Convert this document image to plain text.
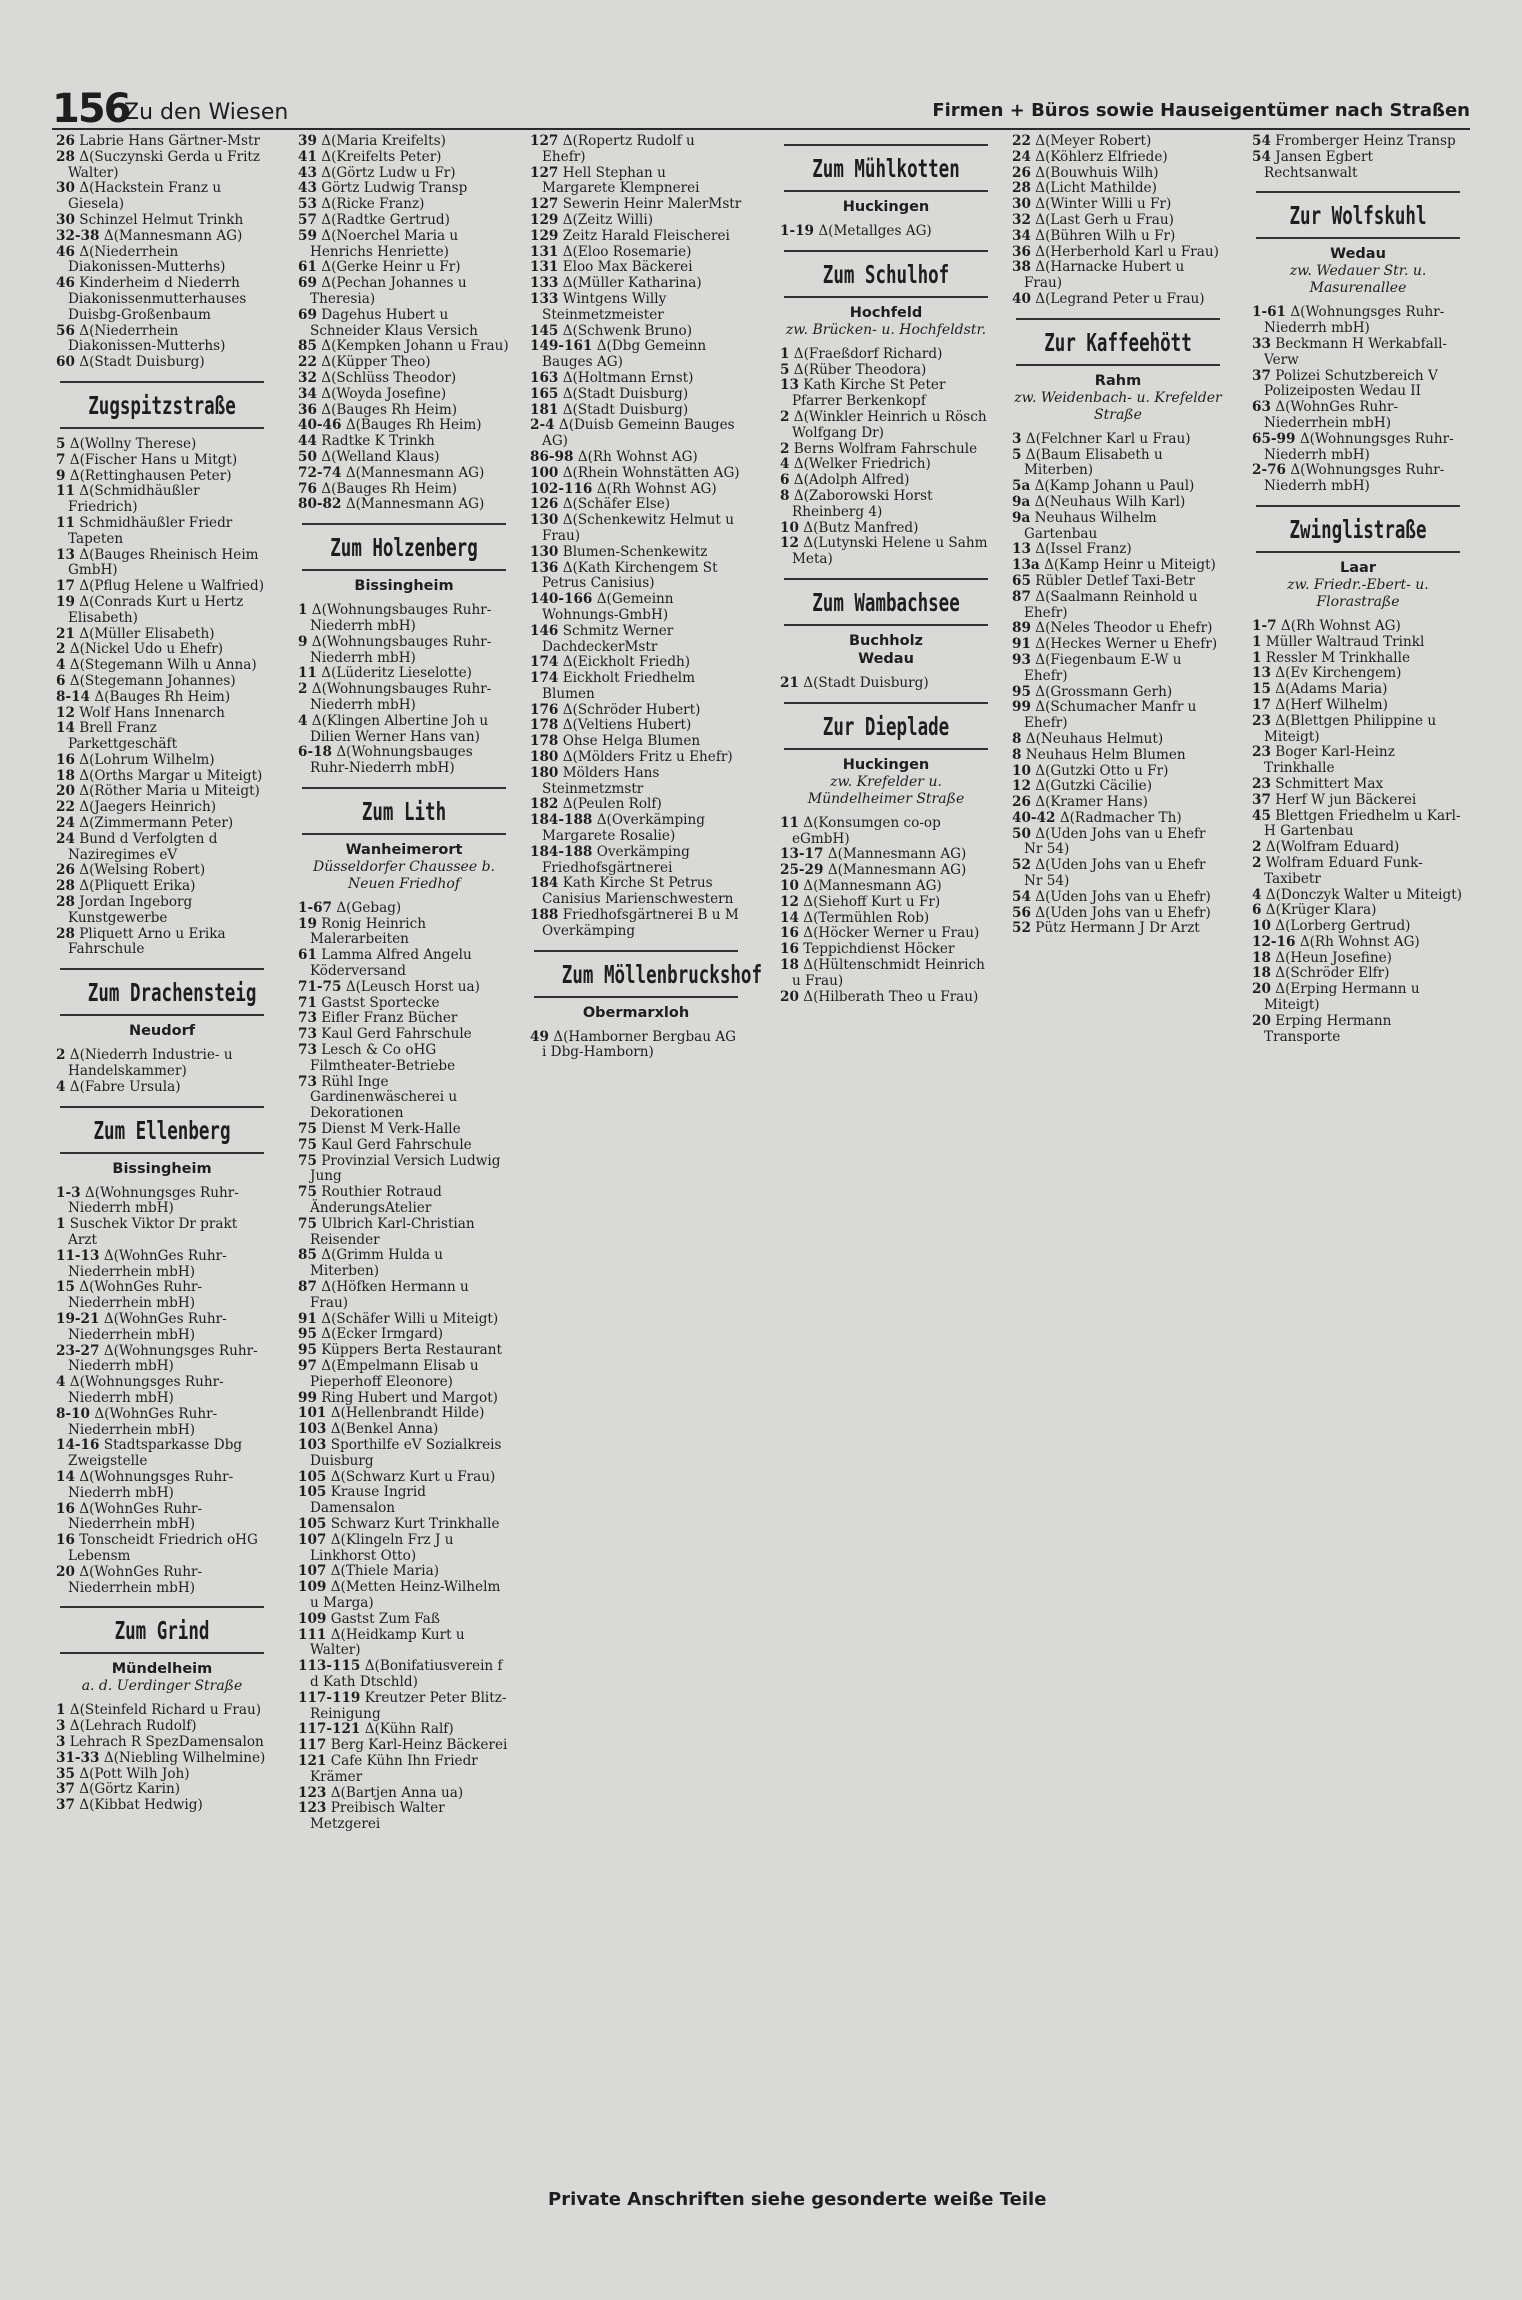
156
Zu den Wiesen	Firmen + Büros sowie Hauseigentümer nach Straßen
26 Labrie Hans Gärtner-Mstr
28 Δ(Suczynski Gerda u Fritz Walter)
30 Δ(Hackstein Franz u Giesela)
30 Schinzel Helmut Trinkh
32-38 Δ(Mannesmann AG)
46 Δ(Niederrhein Diakonissen-Mutterhs)
46 Kinderheim d Niederrh Diakonissenmutterhauses Duisbg-Großenbaum
56 Δ(Niederrhein Diakonissen-Mutterhs)
60 Δ(Stadt Duisburg)
Zugspitzstraße
5 Δ(Wollny Therese)
7 Δ(Fischer Hans u Mitgt)
9 Δ(Rettinghausen Peter)
11 Δ(Schmidhäußler Friedrich)
11 Schmidhäußler Friedr Tapeten
13 Δ(Bauges Rheinisch Heim GmbH)
17 Δ(Pflug Helene u Walfried)
19 Δ(Conrads Kurt u Hertz Elisabeth)
21 Δ(Müller Elisabeth)
2 Δ(Nickel Udo u Ehefr)
4 Δ(Stegemann Wilh u Anna)
6 Δ(Stegemann Johannes)
8-14 Δ(Bauges Rh Heim)
12 Wolf Hans Innenarch
14 Brell Franz Parkettgeschäft
16 Δ(Lohrum Wilhelm)
18 Δ(Orths Margar u Miteigt)
20 Δ(Röther Maria u Miteigt)
22 Δ(Jaegers Heinrich)
24 Δ(Zimmermann Peter)
24 Bund d Verfolgten d Naziregimes eV
26 Δ(Welsing Robert)
28 Δ(Pliquett Erika)
28 Jordan Ingeborg Kunstgewerbe
28 Pliquett Arno u Erika Fahrschule
Zum Drachensteig
Neudorf
2 Δ(Niederrh Industrie- u Handelskammer)
4 Δ(Fabre Ursula)
Zum Ellenberg
Bissingheim
1-3 Δ(Wohnungsges Ruhr-Niederrh mbH)
1 Suschek Viktor Dr prakt Arzt
11-13 Δ(WohnGes Ruhr-Niederrhein mbH)
15 Δ(WohnGes Ruhr-Niederrhein mbH)
19-21 Δ(WohnGes Ruhr-Niederrhein mbH)
23-27 Δ(Wohnungsges Ruhr-Niederrh mbH)
4 Δ(Wohnungsges Ruhr-Niederrh mbH)
8-10 Δ(WohnGes Ruhr-Niederrhein mbH)
14-16 Stadtsparkasse Dbg Zweigstelle
14 Δ(Wohnungsges Ruhr-Niederrh mbH)
16 Δ(WohnGes Ruhr-Niederrhein mbH)
16 Tonscheidt Friedrich oHG Lebensm
20 Δ(WohnGes Ruhr-Niederrhein mbH)
Zum Grind
Mündelheim
a. d. Uerdinger Straße
1 Δ(Steinfeld Richard u Frau)
3 Δ(Lehrach Rudolf)
3 Lehrach R SpezDamensalon
31-33 Δ(Niebling Wilhelmine)
35 Δ(Pott Wilh Joh)
37 Δ(Görtz Karin)
37 Δ(Kibbat Hedwig)
39 Δ(Maria Kreifelts)
41 Δ(Kreifelts Peter)
43 Δ(Görtz Ludw u Fr)
43 Görtz Ludwig Transp
53 Δ(Ricke Franz)
57 Δ(Radtke Gertrud)
59 Δ(Noerchel Maria u Henrichs Henriette)
61 Δ(Gerke Heinr u Fr)
69 Δ(Pechan Johannes u Theresia)
69 Dagehus Hubert u Schneider Klaus Versich
85 Δ(Kempken Johann u Frau)
22 Δ(Küpper Theo)
32 Δ(Schlüss Theodor)
34 Δ(Woyda Josefine)
36 Δ(Bauges Rh Heim)
40-46 Δ(Bauges Rh Heim)
44 Radtke K Trinkh
50 Δ(Welland Klaus)
72-74 Δ(Mannesmann AG)
76 Δ(Bauges Rh Heim)
80-82 Δ(Mannesmann AG)
Zum Holzenberg
Bissingheim
1 Δ(Wohnungsbauges Ruhr-Niederrh mbH)
9 Δ(Wohnungsbauges Ruhr-Niederrh mbH)
11 Δ(Lüderitz Lieselotte)
2 Δ(Wohnungsbauges Ruhr-Niederrh mbH)
4 Δ(Klingen Albertine Joh u Dilien Werner Hans van)
6-18 Δ(Wohnungsbauges Ruhr-Niederrh mbH)
Zum Lith
Wanheimerort
Düsseldorfer Chaussee b. Neuen Friedhof
1-67 Δ(Gebag)
19 Ronig Heinrich Malerarbeiten
61 Lamma Alfred Angelu Köderversand
71-75 Δ(Leusch Horst ua)
71 Gastst Sportecke
73 Eifler Franz Bücher
73 Kaul Gerd Fahrschule
73 Lesch & Co oHG Filmtheater-Betriebe
73 Rühl Inge Gardinenwäscherei u Dekorationen
75 Dienst M Verk-Halle
75 Kaul Gerd Fahrschule
75 Provinzial Versich Ludwig Jung
75 Routhier Rotraud ÄnderungsAtelier
75 Ulbrich Karl-Christian Reisender
85 Δ(Grimm Hulda u Miterben)
87 Δ(Höfken Hermann u Frau)
91 Δ(Schäfer Willi u Miteigt)
95 Δ(Ecker Irmgard)
95 Küppers Berta Restaurant
97 Δ(Empelmann Elisab u Pieperhoff Eleonore)
99 Ring Hubert und Margot)
101 Δ(Hellenbrandt Hilde)
103 Δ(Benkel Anna)
103 Sporthilfe eV Sozialkreis Duisburg
105 Δ(Schwarz Kurt u Frau)
105 Krause Ingrid Damensalon
105 Schwarz Kurt Trinkhalle
107 Δ(Klingeln Frz J u Linkhorst Otto)
107 Δ(Thiele Maria)
109 Δ(Metten Heinz-Wilhelm u Marga)
109 Gastst Zum Faß
111 Δ(Heidkamp Kurt u Walter)
113-115 Δ(Bonifatiusverein f d Kath Dtschld)
117-119 Kreutzer Peter Blitz-Reinigung
117-121 Δ(Kühn Ralf)
117 Berg Karl-Heinz Bäckerei
121 Cafe Kühn Ihn Friedr Krämer
123 Δ(Bartjen Anna ua)
123 Preibisch Walter Metzgerei
127 Δ(Ropertz Rudolf u Ehefr)
127 Hell Stephan u Margarete Klempnerei
127 Sewerin Heinr MalerMstr
129 Δ(Zeitz Willi)
129 Zeitz Harald Fleischerei
131 Δ(Eloo Rosemarie)
131 Eloo Max Bäckerei
133 Δ(Müller Katharina)
133 Wintgens Willy Steinmetzmeister
145 Δ(Schwenk Bruno)
149-161 Δ(Dbg Gemeinn Bauges AG)
163 Δ(Holtmann Ernst)
165 Δ(Stadt Duisburg)
181 Δ(Stadt Duisburg)
2-4 Δ(Duisb Gemeinn Bauges AG)
86-98 Δ(Rh Wohnst AG)
100 Δ(Rhein Wohnstätten AG)
102-116 Δ(Rh Wohnst AG)
126 Δ(Schäfer Else)
130 Δ(Schenkewitz Helmut u Frau)
130 Blumen-Schenkewitz
136 Δ(Kath Kirchengem St Petrus Canisius)
140-166 Δ(Gemeinn Wohnungs-GmbH)
146 Schmitz Werner DachdeckerMstr
174 Δ(Eickholt Friedh)
174 Eickholt Friedhelm Blumen
176 Δ(Schröder Hubert)
178 Δ(Veltiens Hubert)
178 Ohse Helga Blumen
180 Δ(Mölders Fritz u Ehefr)
180 Mölders Hans Steinmetzmstr
182 Δ(Peulen Rolf)
184-188 Δ(Overkämping Margarete Rosalie)
184-188 Overkämping Friedhofsgärtnerei
184 Kath Kirche St Petrus Canisius Marienschwestern
188 Friedhofsgärtnerei B u M Overkämping
Zum Möllenbruckshof
Obermarxloh
49 Δ(Hamborner Bergbau AG i Dbg-Hamborn)
Zum Mühlkotten
Huckingen
1-19 Δ(Metallges AG)
Zum Schulhof
Hochfeld
zw. Brücken- u. Hochfeldstr.
1 Δ(Fraeßdorf Richard)
5 Δ(Rüber Theodora)
13 Kath Kirche St Peter Pfarrer Berkenkopf
2 Δ(Winkler Heinrich u Rösch Wolfgang Dr)
2 Berns Wolfram Fahrschule
4 Δ(Welker Friedrich)
6 Δ(Adolph Alfred)
8 Δ(Zaborowski Horst Rheinberg 4)
10 Δ(Butz Manfred)
12 Δ(Lutynski Helene u Sahm Meta)
Zum Wambachsee
Buchholz
Wedau
21 Δ(Stadt Duisburg)
Zur Dieplade
Huckingen
zw. Krefelder u. Mündelheimer Straße
11 Δ(Konsumgen co-op eGmbH)
13-17 Δ(Mannesmann AG)
25-29 Δ(Mannesmann AG)
10 Δ(Mannesmann AG)
12 Δ(Siehoff Kurt u Fr)
14 Δ(Termühlen Rob)
16 Δ(Höcker Werner u Frau)
16 Teppichdienst Höcker
18 Δ(Hültenschmidt Heinrich u Frau)
20 Δ(Hilberath Theo u Frau)
22 Δ(Meyer Robert)
24 Δ(Köhlerz Elfriede)
26 Δ(Bouwhuis Wilh)
28 Δ(Licht Mathilde)
30 Δ(Winter Willi u Fr)
32 Δ(Last Gerh u Frau)
34 Δ(Bühren Wilh u Fr)
36 Δ(Herberhold Karl u Frau)
38 Δ(Harnacke Hubert u Frau)
40 Δ(Legrand Peter u Frau)
Zur Kaffeehött
Rahm
zw. Weidenbach- u. Krefelder Straße
3 Δ(Felchner Karl u Frau)
5 Δ(Baum Elisabeth u Miterben)
5a Δ(Kamp Johann u Paul)
9a Δ(Neuhaus Wilh Karl)
9a Neuhaus Wilhelm Gartenbau
13 Δ(Issel Franz)
13a Δ(Kamp Heinr u Miteigt)
65 Rübler Detlef Taxi-Betr
87 Δ(Saalmann Reinhold u Ehefr)
89 Δ(Neles Theodor u Ehefr)
91 Δ(Heckes Werner u Ehefr)
93 Δ(Fiegenbaum E-W u Ehefr)
95 Δ(Grossmann Gerh)
99 Δ(Schumacher Manfr u Ehefr)
8 Δ(Neuhaus Helmut)
8 Neuhaus Helm Blumen
10 Δ(Gutzki Otto u Fr)
12 Δ(Gutzki Cäcilie)
26 Δ(Kramer Hans)
40-42 Δ(Radmacher Th)
50 Δ(Uden Johs van u Ehefr Nr 54)
52 Δ(Uden Johs van u Ehefr Nr 54)
54 Δ(Uden Johs van u Ehefr)
56 Δ(Uden Johs van u Ehefr)
52 Pütz Hermann J Dr Arzt
54 Fromberger Heinz Transp
54 Jansen Egbert Rechtsanwalt
Zur Wolfskuhl
Wedau
zw. Wedauer Str. u. Masurenallee
1-61 Δ(Wohnungsges Ruhr-Niederrh mbH)
33 Beckmann H Werkabfall-Verw
37 Polizei Schutzbereich V Polizeiposten Wedau II
63 Δ(WohnGes Ruhr-Niederrhein mbH)
65-99 Δ(Wohnungsges Ruhr-Niederrh mbH)
2-76 Δ(Wohnungsges Ruhr-Niederrh mbH)
Zwinglistraße
Laar
zw. Friedr.-Ebert- u. Florastraße
1-7 Δ(Rh Wohnst AG)
1 Müller Waltraud Trinkl
1 Ressler M Trinkhalle
13 Δ(Ev Kirchengem)
15 Δ(Adams Maria)
17 Δ(Herf Wilhelm)
23 Δ(Blettgen Philippine u Miteigt)
23 Boger Karl-Heinz Trinkhalle
23 Schmittert Max
37 Herf W jun Bäckerei
45 Blettgen Friedhelm u Karl-H Gartenbau
2 Δ(Wolfram Eduard)
2 Wolfram Eduard Funk-Taxibetr
4 Δ(Donczyk Walter u Miteigt)
6 Δ(Krüger Klara)
10 Δ(Lorberg Gertrud)
12-16 Δ(Rh Wohnst AG)
18 Δ(Heun Josefine)
18 Δ(Schröder Elfr)
20 Δ(Erping Hermann u Miteigt)
20 Erping Hermann Transporte
Private Anschriften siehe gesonderte weiße Teile
